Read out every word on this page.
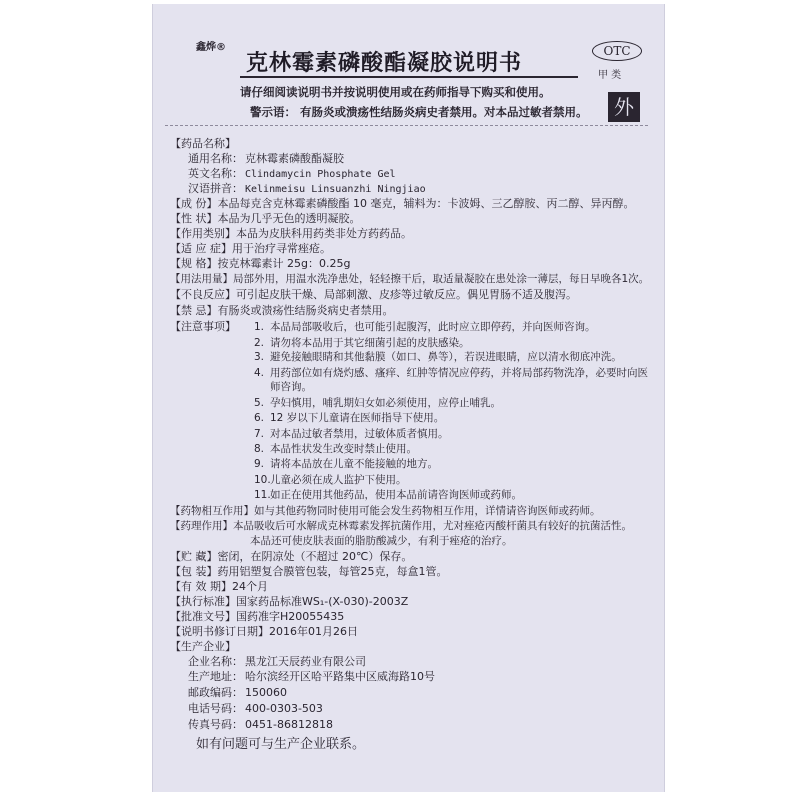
鑫烨®
克林霉素磷酸酯凝胶说明书	OTC
甲 类
外
请仔细阅读说明书并按说明使用或在药师指导下购买和使用。
警示语： 有肠炎或溃疡性结肠炎病史者禁用。对本品过敏者禁用。
【药品名称】
通用名称： 克林霉素磷酸酯凝胶
英文名称： Clindamycin Phosphate Gel
汉语拼音： Kelinmeisu Linsuanzhi Ningjiao
【成 份】本品每克含克林霉素磷酸酯 10 毫克，辅料为：卡波姆、三乙醇胺、丙二醇、异丙醇。
【性 状】本品为几乎无色的透明凝胶。
【作用类别】本品为皮肤科用药类非处方药药品。
【适 应 症】用于治疗寻常痤疮。
【规 格】按克林霉素计 25g：0.25g
【用法用量】局部外用，用温水洗净患处，轻轻擦干后，取适量凝胶在患处涂一薄层，每日早晚各1次。
【不良反应】可引起皮肤干燥、局部刺激、皮疹等过敏反应。偶见胃肠不适及腹泻。
【禁 忌】有肠炎或溃疡性结肠炎病史者禁用。
【注意事项】 1. 本品局部吸收后，也可能引起腹泻，此时应立即停药，并向医师咨询。
2. 请勿将本品用于其它细菌引起的皮肤感染。
3. 避免接触眼睛和其他黏膜（如口、鼻等），若误进眼睛，应以清水彻底冲洗。
4. 用药部位如有烧灼感、瘙痒、红肿等情况应停药，并将局部药物洗净，必要时向医
师咨询。
5. 孕妇慎用，哺乳期妇女如必须使用，应停止哺乳。
6. 12 岁以下儿童请在医师指导下使用。
7. 对本品过敏者禁用，过敏体质者慎用。
8. 本品性状发生改变时禁止使用。
9. 请将本品放在儿童不能接触的地方。
10.儿童必须在成人监护下使用。
11.如正在使用其他药品，使用本品前请咨询医师或药师。
【药物相互作用】如与其他药物同时使用可能会发生药物相互作用，详情请咨询医师或药师。
【药理作用】本品吸收后可水解成克林霉素发挥抗菌作用，尤对痤疮丙酸杆菌具有较好的抗菌活性。
本品还可使皮肤表面的脂肪酸减少，有利于痤疮的治疗。
【贮 藏】密闭，在阴凉处（不超过 20℃）保存。
【包 装】药用铝塑复合膜管包装，每管25克，每盒1管。
【有 效 期】24个月
【执行标准】国家药品标准WS₁-(X-030)-2003Z
【批准文号】国药准字H20055435
【说明书修订日期】2016年01月26日
【生产企业】
企业名称： 黑龙江天辰药业有限公司
生产地址： 哈尔滨经开区哈平路集中区威海路10号
邮政编码： 150060
电话号码： 400-0303-503
传真号码： 0451-86812818
如有问题可与生产企业联系。
